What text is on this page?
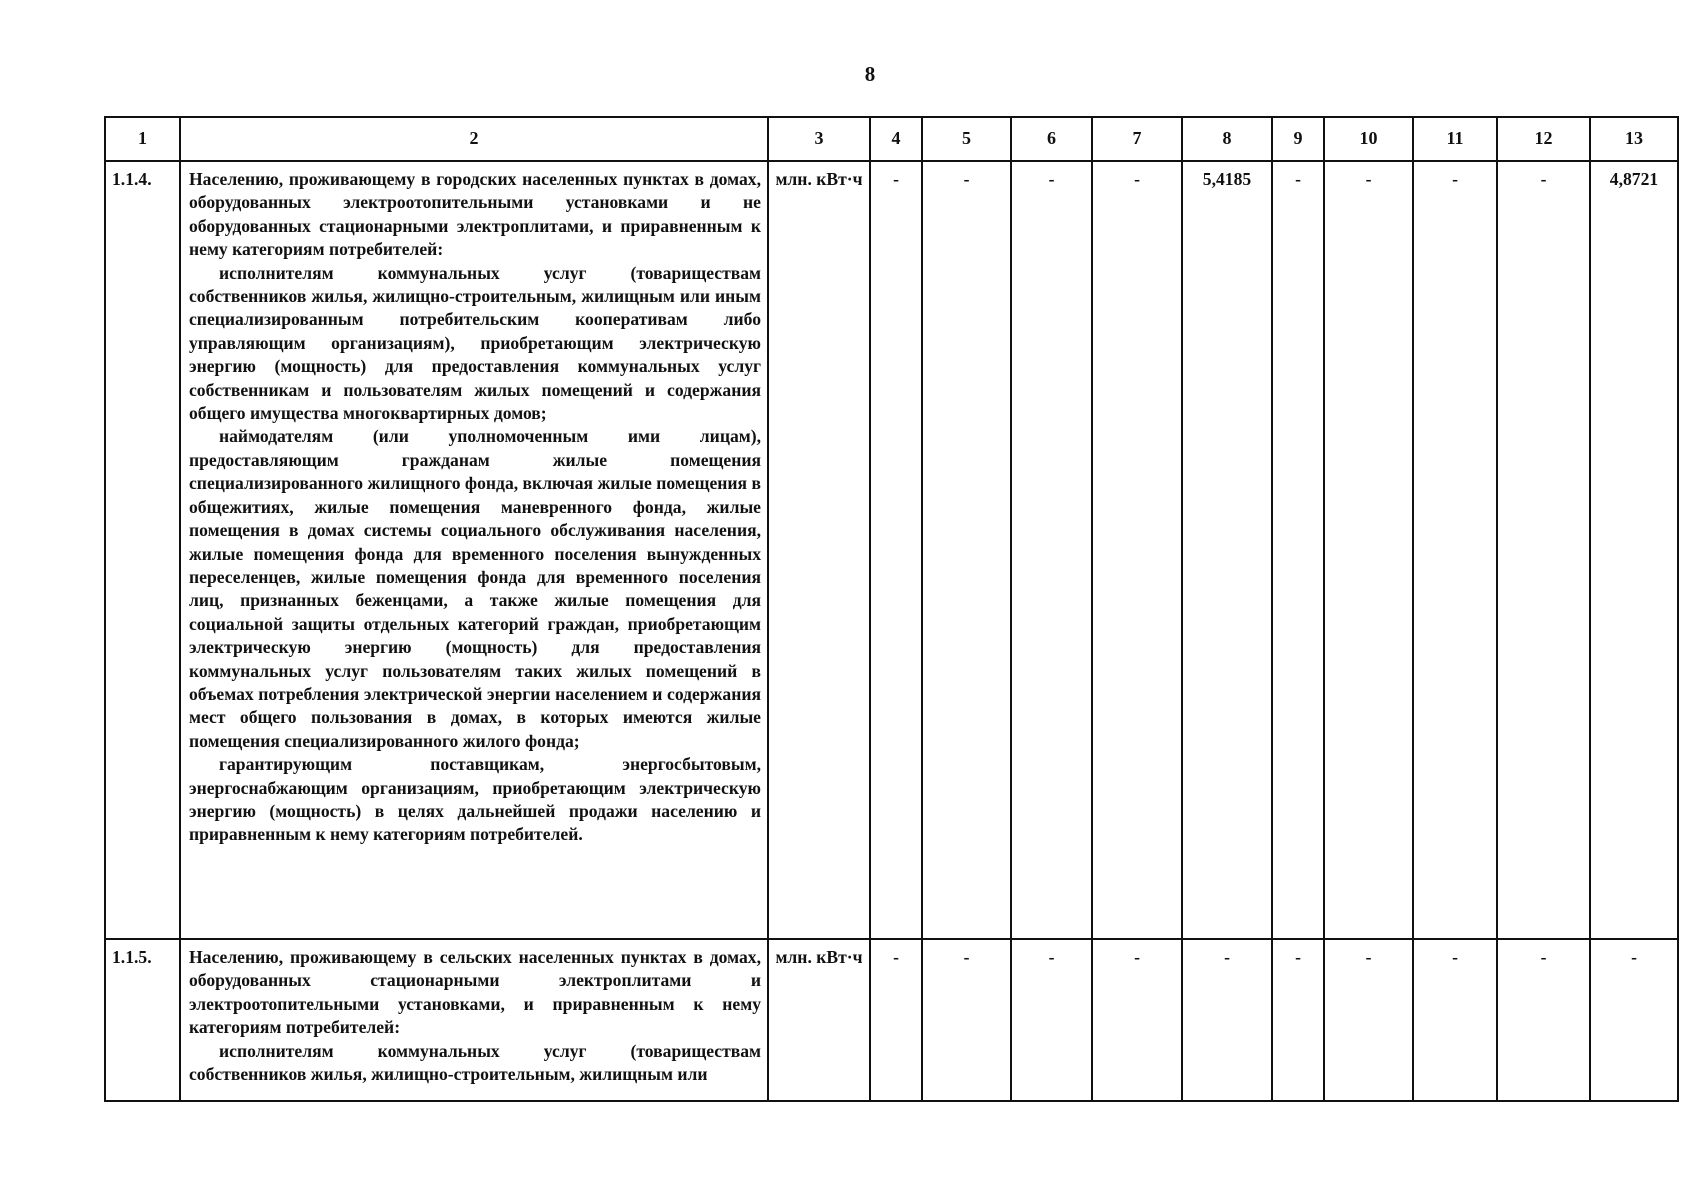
8
1	2	3	4	5	6	7	8	9	10	11	12	13
1.1.4.	Населению, проживающему в городских населенных пунктах в домах, оборудованных электроотопительными установками и не оборудованных стационарными электроплитами, и приравненным к нему категориям потребителей:

исполнителям коммунальных услуг (товариществам собственников жилья, жилищно-строительным, жилищным или иным специализированным потребительским кооперативам либо управляющим организациям), приобретающим электрическую энергию (мощность) для предоставления коммунальных услуг собственникам и пользователям жилых помещений и содержания общего имущества многоквартирных домов;

наймодателям (или уполномоченным ими лицам), предоставляющим гражданам жилые помещения специализированного жилищного фонда, включая жилые помещения в общежитиях, жилые помещения маневренного фонда, жилые помещения в домах системы социального обслуживания населения, жилые помещения фонда для временного поселения вынужденных переселенцев, жилые помещения фонда для временного поселения лиц, признанных беженцами, а также жилые помещения для социальной защиты отдельных категорий граждан, приобретающим электрическую энергию (мощность) для предоставления коммунальных услуг пользователям таких жилых помещений в объемах потребления электрической энергии населением и содержания мест общего пользования в домах, в которых имеются жилые помещения специализированного жилого фонда;

гарантирующим поставщикам, энергосбытовым, энергоснабжающим организациям, приобретающим электрическую энергию (мощность) в целях дальнейшей продажи населению и приравненным к нему категориям потребителей.	млн. кВт·ч	-	-	-	-	5,4185	-	-	-	-	4,8721
1.1.5.	Населению, проживающему в сельских населенных пунктах в домах, оборудованных стационарными электроплитами и электроотопительными установками, и приравненным к нему категориям потребителей:

исполнителям коммунальных услуг (товариществам собственников жилья, жилищно-строительным, жилищным или	млн. кВт·ч	-	-	-	-	-	-	-	-	-	-
